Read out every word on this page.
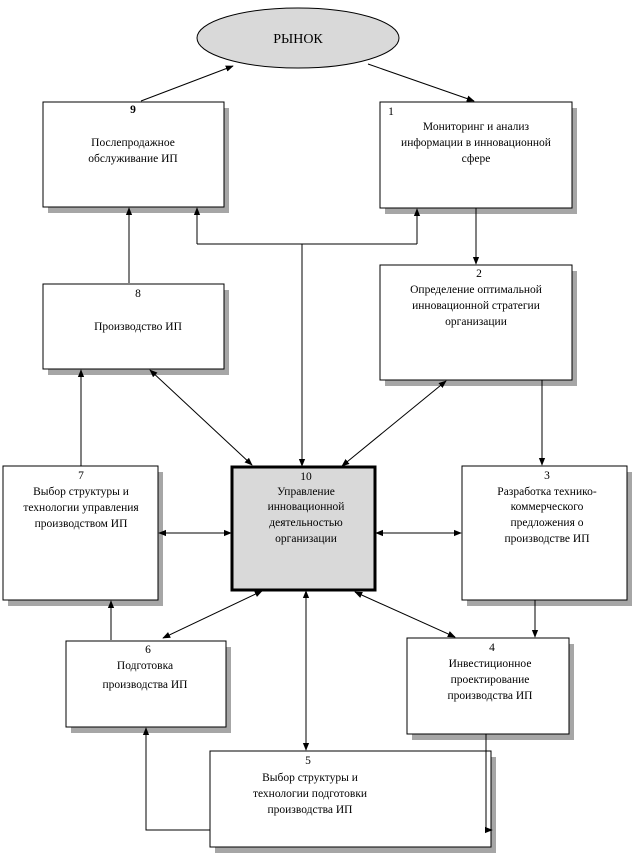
РЫНОК
9
Послепродажное
обслуживание ИП
1
Мониторинг и анализ
информации в инновационной
сфере
2
Определение оптимальной
инновационной стратегии
организации
8
Производство ИП
7
Выбор структуры и
технологии управления
производством ИП
10
Управление
инновационной
деятельностью
организации
3
Разработка технико-
коммерческого
предложения о
производстве ИП
4
Инвестиционное
проектирование
производства ИП
6
Подготовка
производства ИП
5
Выбор структуры и
технологии подготовки
производства ИП
